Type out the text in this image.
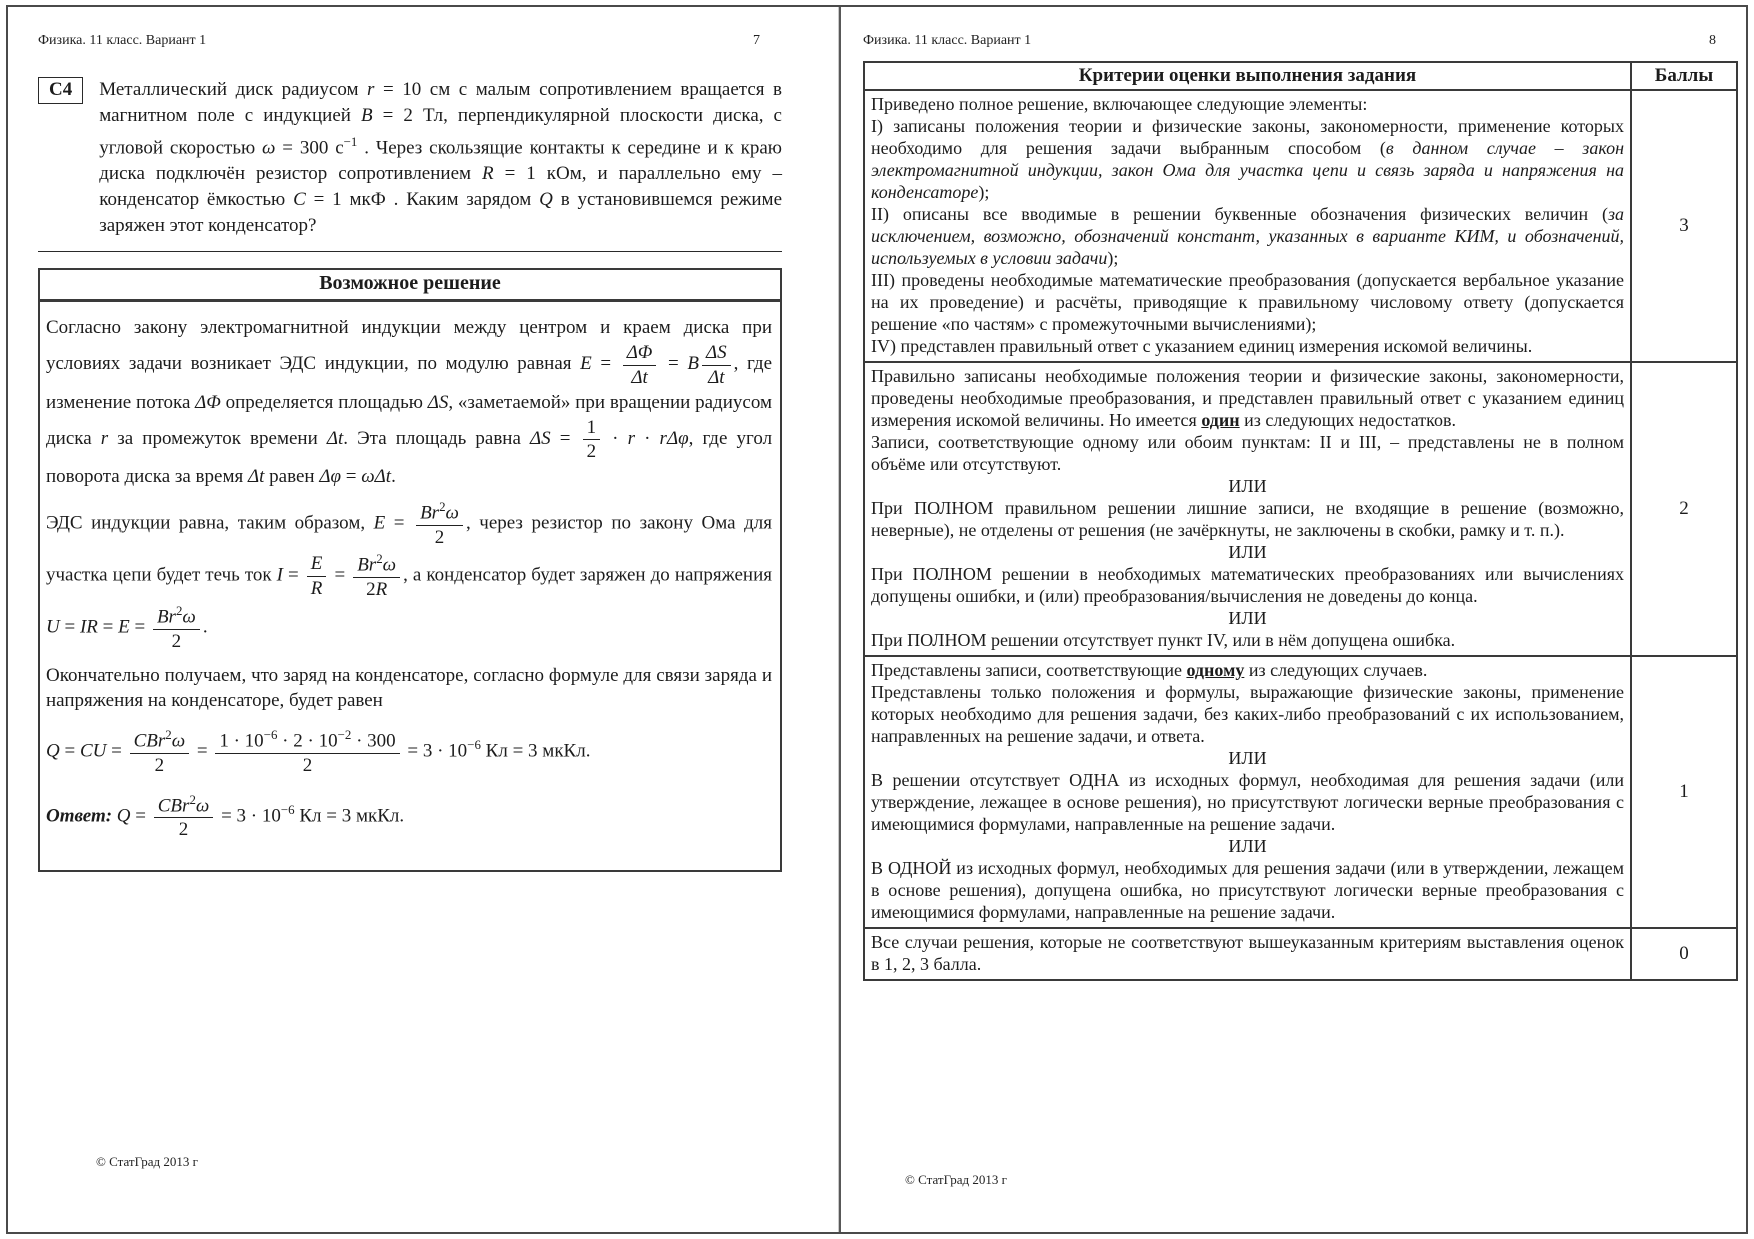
Физика. 11 класс. Вариант 1	7
С4	Металлический диск радиусом r = 10 см с малым сопротивлением вращается в магнитном поле с индукцией B = 2 Тл, перпендикулярной плоскости диска, с угловой скоростью ω = 300 $с^{-1}$ . Через скользящие контакты к середине и к краю диска подключён резистор сопротивлением R = 1 кОм, и параллельно ему – конденсатор ёмкостью C = 1 мкФ . Каким зарядом Q в установившемся режиме заряжен этот конденсатор?

Возможное решение

Согласно закону электромагнитной индукции между центром и краем диска при условиях задачи возникает ЭДС индукции, по модулю равная $E = \frac{\Delta\Phi}{\Delta t} = B \frac{\Delta S}{\Delta t}$ , где изменение потока ΔΦ определяется площадью ΔS, «заметаемой» при вращении радиусом диска r за промежуток времени Δt. Эта площадь равна $\Delta S = \frac{1}{2} \cdot r \cdot r\Delta\varphi$, где угол поворота диска за время Δt равен Δφ = ωΔt.

ЭДС индукции равна, таким образом, $E = \frac{Br^2\omega}{2}$ , через резистор по закону Ома для участка цепи будет течь ток $I = \frac{E}{R} = \frac{Br^2\omega}{2R}$ , а конденсатор будет заряжен до напряжения U = IR = $E = \frac{Br^2\omega}{2}$ .

Окончательно получаем, что заряд на конденсаторе, согласно формуле для связи заряда и напряжения на конденсаторе, будет равен

Q = CU = $\frac{CBr^2\omega}{2} = \frac{1 \cdot 10^{-6} \cdot 2 \cdot 10^{-2} \cdot 300}{2} = 3 \cdot 10^{-6}$ Кл = 3 мкКл.

Ответ: $Q = \frac{CBr^2\omega}{2} = 3 \cdot 10^{-6}$ Кл = 3 мкКл.

© СтатГрад 2013 г
Физика. 11 класс. Вариант 1	8
Критерии оценки выполнения задания	Баллы

Приведено полное решение, включающее следующие элементы:

I) записаны положения теории и физические законы, закономерности, применение которых необходимо для решения задачи выбранным способом (в данном случае – закон электромагнитной индукции, закон Ома для участка цепи и связь заряда и напряжения на конденсаторе);

II) описаны все вводимые в решении буквенные обозначения физических величин (за исключением, возможно, обозначений констант, указанных в варианте КИМ, и обозначений, используемых в условии задачи);

III) проведены необходимые математические преобразования (допускается вербальное указание на их проведение) и расчёты, приводящие к правильному числовому ответу (допускается решение «по частям» с промежуточными вычислениями);

IV) представлен правильный ответ с указанием единиц измерения искомой величины.	3

Правильно записаны необходимые положения теории и физические законы, закономерности, проведены необходимые преобразования, и представлен правильный ответ с указанием единиц измерения искомой величины. Но имеется один из следующих недостатков.

Записи, соответствующие одному или обоим пунктам: II и III, – представлены не в полном объёме или отсутствуют.

ИЛИ

При ПОЛНОМ правильном решении лишние записи, не входящие в решение (возможно, неверные), не отделены от решения (не зачёркнуты, не заключены в скобки, рамку и т. п.).

ИЛИ

При ПОЛНОМ решении в необходимых математических преобразованиях или вычислениях допущены ошибки, и (или) преобразования/вычисления не доведены до конца.

ИЛИ

При ПОЛНОМ решении отсутствует пункт IV, или в нём допущена ошибка.

	2

Представлены записи, соответствующие одному из следующих случаев.

Представлены только положения и формулы, выражающие физические законы, применение которых необходимо для решения задачи, без каких-либо преобразований с их использованием, направленных на решение задачи, и ответа.

ИЛИ

В решении отсутствует ОДНА из исходных формул, необходимая для решения задачи (или утверждение, лежащее в основе решения), но присутствуют логически верные преобразования с имеющимися формулами, направленные на решение задачи.

ИЛИ

В ОДНОЙ из исходных формул, необходимых для решения задачи (или в утверждении, лежащем в основе решения), допущена ошибка, но присутствуют логически верные преобразования с имеющимися формулами, направленные на решение задачи.

	1

Все случаи решения, которые не соответствуют вышеуказанным критериям выставления оценок в 1, 2, 3 балла.	0
© СтатГрад 2013 г
